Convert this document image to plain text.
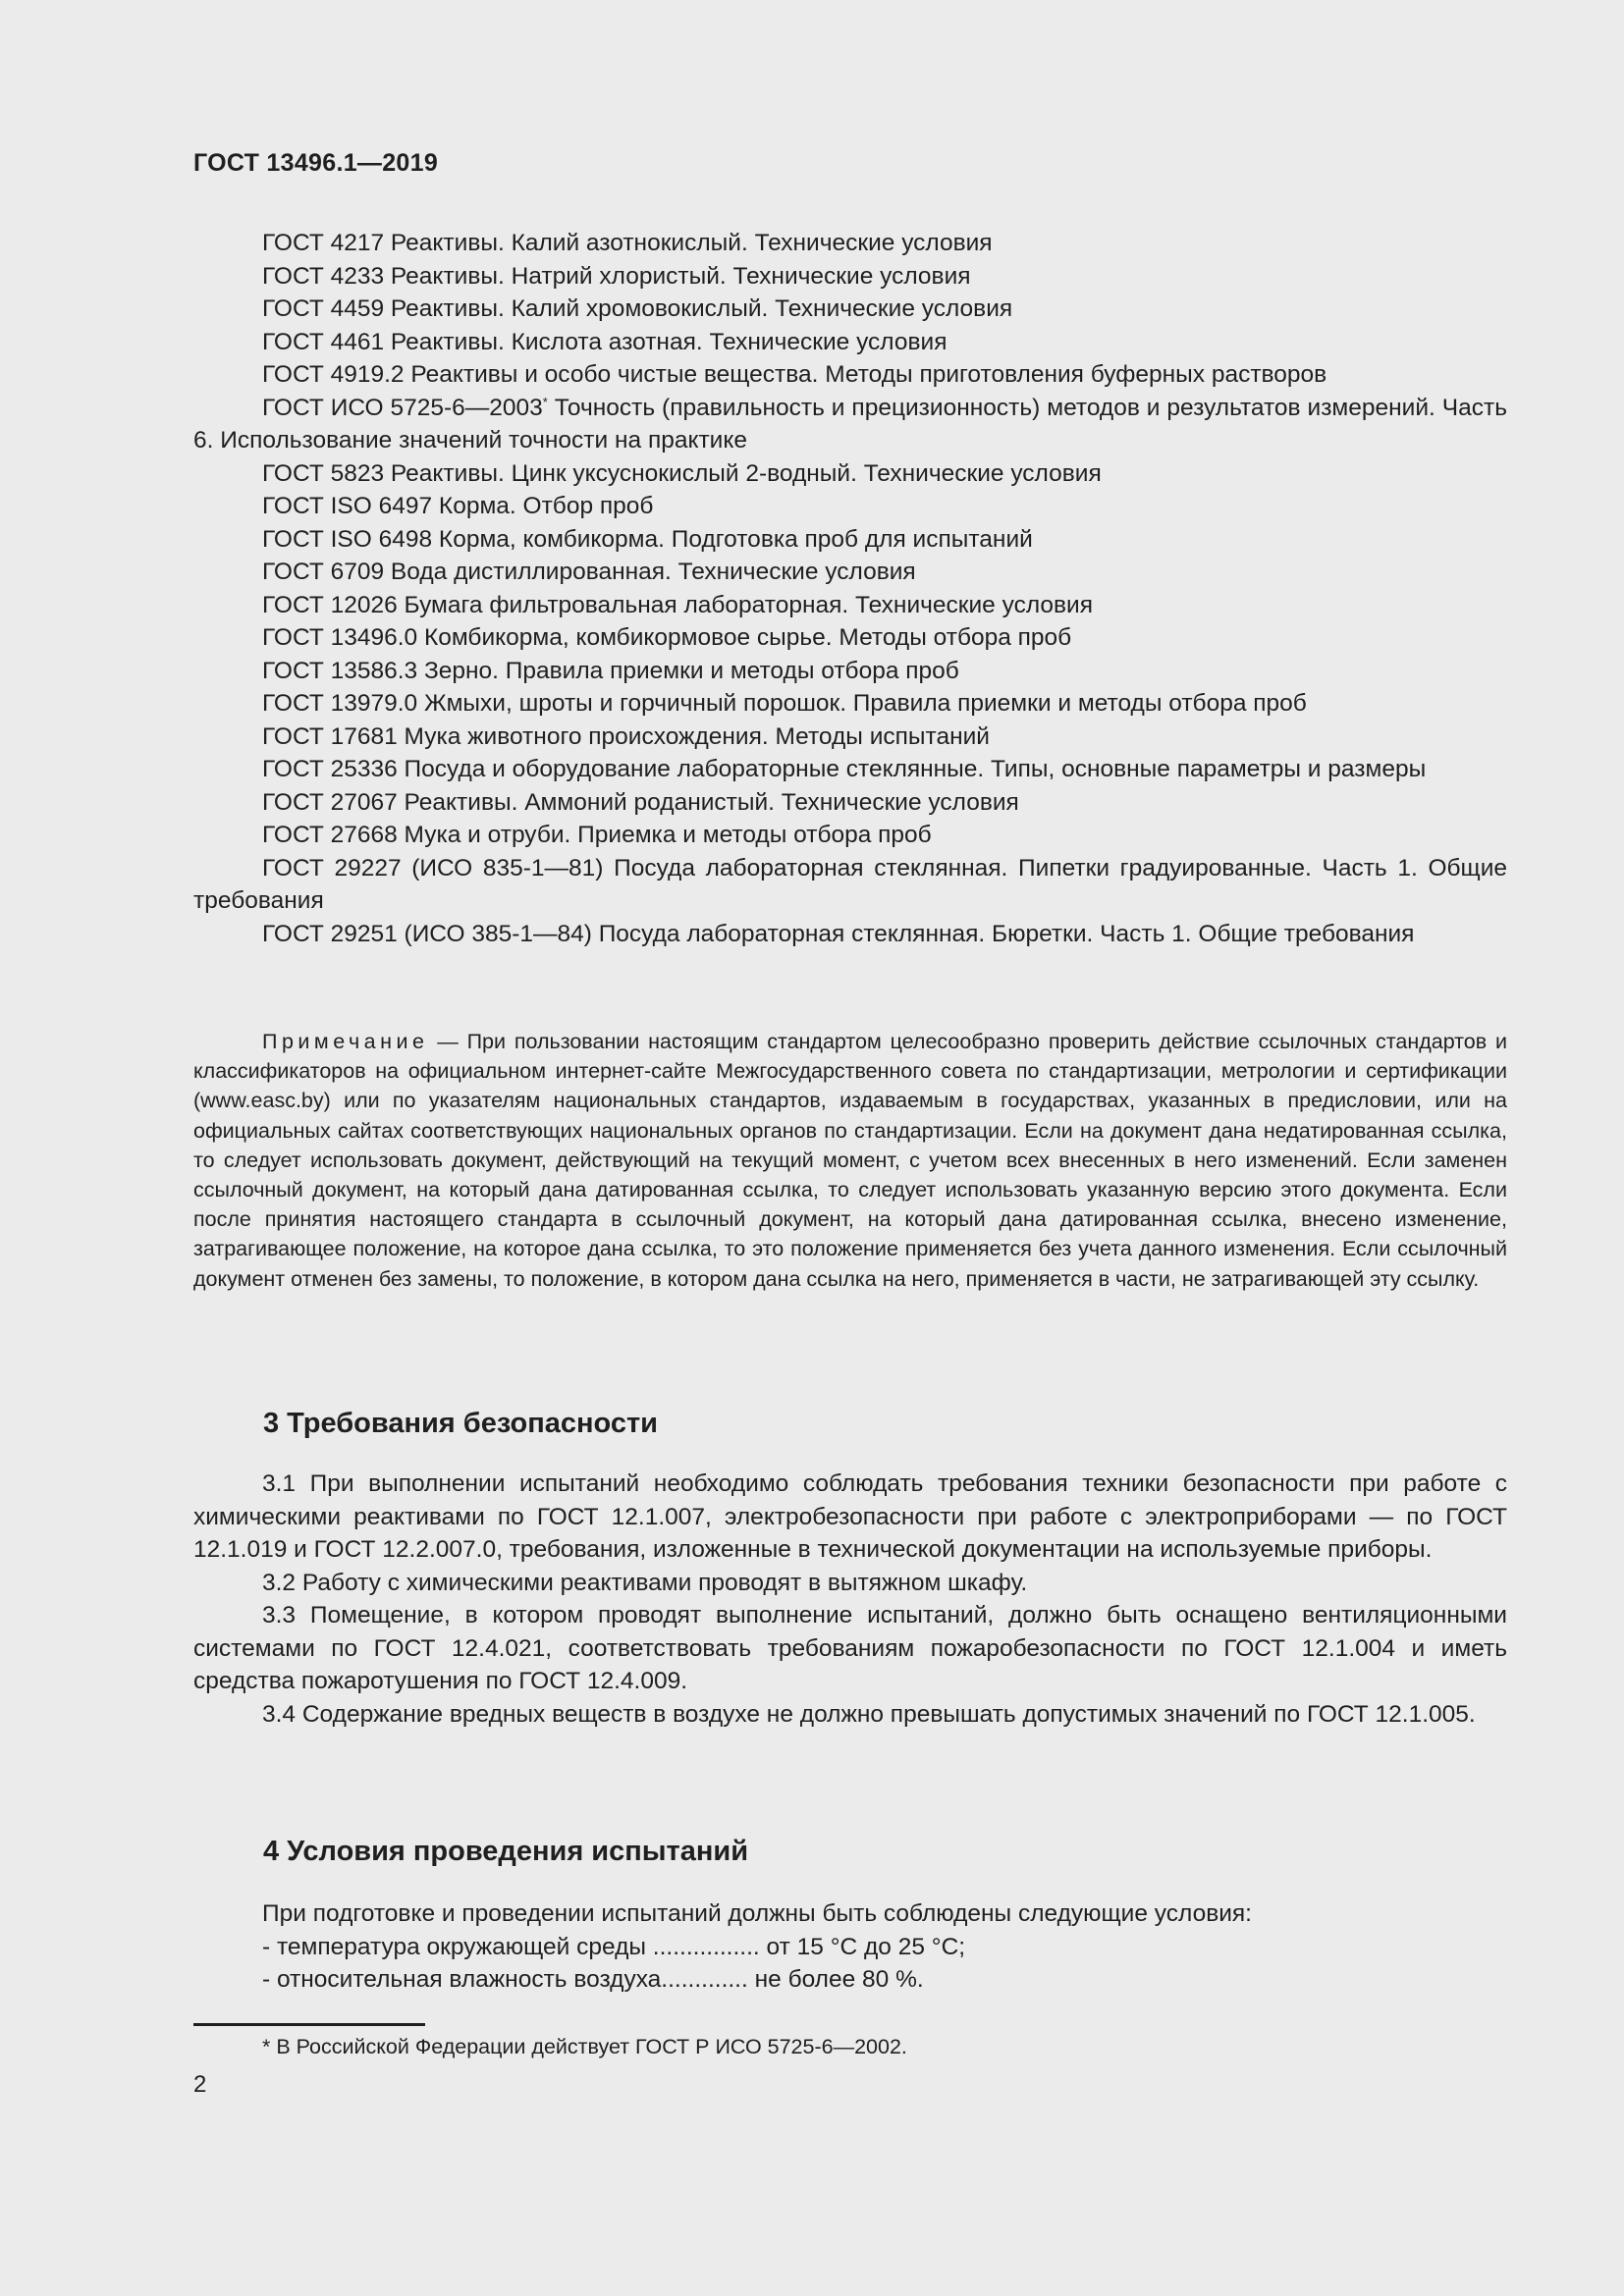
ГОСТ 13496.1—2019

ГОСТ 4217 Реактивы. Калий азотнокислый. Технические условия

ГОСТ 4233 Реактивы. Натрий хлористый. Технические условия

ГОСТ 4459 Реактивы. Калий хромовокислый. Технические условия

ГОСТ 4461 Реактивы. Кислота азотная. Технические условия

ГОСТ 4919.2 Реактивы и особо чистые вещества. Методы приготовления буферных растворов

ГОСТ ИСО 5725-6—2003* Точность (правильность и прецизионность) методов и результатов измерений. Часть 6. Использование значений точности на практике

ГОСТ 5823 Реактивы. Цинк уксуснокислый 2-водный. Технические условия

ГОСТ ISO 6497 Корма. Отбор проб

ГОСТ ISO 6498 Корма, комбикорма. Подготовка проб для испытаний

ГОСТ 6709 Вода дистиллированная. Технические условия

ГОСТ 12026 Бумага фильтровальная лабораторная. Технические условия

ГОСТ 13496.0 Комбикорма, комбикормовое сырье. Методы отбора проб

ГОСТ 13586.3 Зерно. Правила приемки и методы отбора проб

ГОСТ 13979.0 Жмыхи, шроты и горчичный порошок. Правила приемки и методы отбора проб

ГОСТ 17681 Мука животного происхождения. Методы испытаний

ГОСТ 25336 Посуда и оборудование лабораторные стеклянные. Типы, основные параметры и размеры

ГОСТ 27067 Реактивы. Аммоний роданистый. Технические условия

ГОСТ 27668 Мука и отруби. Приемка и методы отбора проб

ГОСТ 29227 (ИСО 835-1—81) Посуда лабораторная стеклянная. Пипетки градуированные. Часть 1. Общие требования

ГОСТ 29251 (ИСО 385-1—84) Посуда лабораторная стеклянная. Бюретки. Часть 1. Общие требования

Примечание — При пользовании настоящим стандартом целесообразно проверить действие ссылочных стандартов и классификаторов на официальном интернет-сайте Межгосударственного совета по стандартизации, метрологии и сертификации (www.easc.by) или по указателям национальных стандартов, издаваемым в государствах, указанных в предисловии, или на официальных сайтах соответствующих национальных органов по стандартизации. Если на документ дана недатированная ссылка, то следует использовать документ, действующий на текущий момент, с учетом всех внесенных в него изменений. Если заменен ссылочный документ, на который дана датированная ссылка, то следует использовать указанную версию этого документа. Если после принятия настоящего стандарта в ссылочный документ, на который дана датированная ссылка, внесено изменение, затрагивающее положение, на которое дана ссылка, то это положение применяется без учета данного изменения. Если ссылочный документ отменен без замены, то положение, в котором дана ссылка на него, применяется в части, не затрагивающей эту ссылку.

3 Требования безопасности

3.1 При выполнении испытаний необходимо соблюдать требования техники безопасности при работе с химическими реактивами по ГОСТ 12.1.007, электробезопасности при работе с электроприборами — по ГОСТ 12.1.019 и ГОСТ 12.2.007.0, требования, изложенные в технической документации на используемые приборы.

3.2 Работу с химическими реактивами проводят в вытяжном шкафу.

3.3 Помещение, в котором проводят выполнение испытаний, должно быть оснащено вентиляционными системами по ГОСТ 12.4.021, соответствовать требованиям пожаробезопасности по ГОСТ 12.1.004 и иметь средства пожаротушения по ГОСТ 12.4.009.

3.4 Содержание вредных веществ в воздухе не должно превышать допустимых значений по ГОСТ 12.1.005.

4 Условия проведения испытаний

При подготовке и проведении испытаний должны быть соблюдены следующие условия:

- температура окружающей среды ................ от 15 °С до 25 °С;

- относительная влажность воздуха............. не более 80 %.

* В Российской Федерации действует ГОСТ Р ИСО 5725-6—2002.
2
